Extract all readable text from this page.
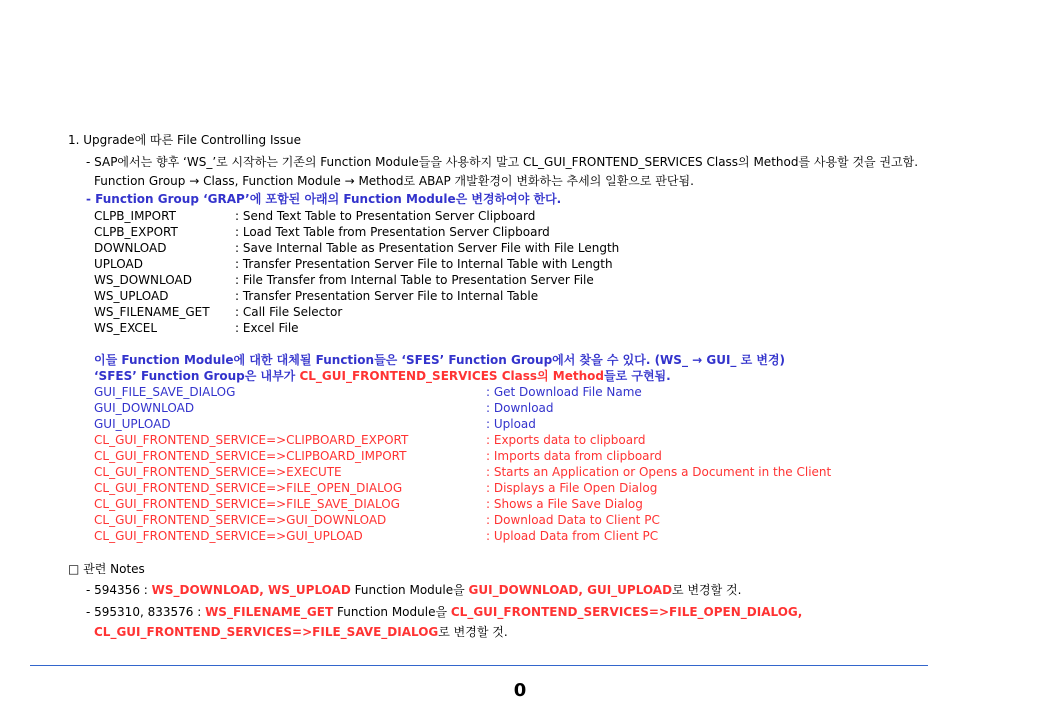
1. Upgrade에 따른 File Controlling Issue
- SAP에서는 향후 ‘WS_’로 시작하는 기존의 Function Module들을 사용하지 말고 CL_GUI_FRONTEND_SERVICES Class의 Method를 사용할 것을 권고함.
Function Group → Class, Function Module → Method로 ABAP 개발환경이 변화하는 추세의 일환으로 판단됨.
- Function Group ‘GRAP’에 포함된 아래의 Function Module은 변경하여야 한다.
CLPB_IMPORT	: Send Text Table to Presentation Server Clipboard
CLPB_EXPORT	: Load Text Table from Presentation Server Clipboard
DOWNLOAD	: Save Internal Table as Presentation Server File with File Length
UPLOAD	: Transfer Presentation Server File to Internal Table with Length
WS_DOWNLOAD	: File Transfer from Internal Table to Presentation Server File
WS_UPLOAD	: Transfer Presentation Server File to Internal Table
WS_FILENAME_GET : Call File Selector
WS_EXCEL	: Excel File
이들 Function Module에 대한 대체될 Function들은 ‘SFES’ Function Group에서 찾을 수 있다. (WS_ → GUI_ 로 변경)
‘SFES’ Function Group은 내부가 CL_GUI_FRONTEND_SERVICES Class의 Method들로 구현됨.
GUI_FILE_SAVE_DIALOG	: Get Download File Name
GUI_DOWNLOAD	: Download
GUI_UPLOAD	: Upload
CL_GUI_FRONTEND_SERVICE=>CLIPBOARD_EXPORT	: Exports data to clipboard
CL_GUI_FRONTEND_SERVICE=>CLIPBOARD_IMPORT	: Imports data from clipboard
CL_GUI_FRONTEND_SERVICE=>EXECUTE	: Starts an Application or Opens a Document in the Client
CL_GUI_FRONTEND_SERVICE=>FILE_OPEN_DIALOG	: Displays a File Open Dialog
CL_GUI_FRONTEND_SERVICE=>FILE_SAVE_DIALOG	: Shows a File Save Dialog
CL_GUI_FRONTEND_SERVICE=>GUI_DOWNLOAD	: Download Data to Client PC
CL_GUI_FRONTEND_SERVICE=>GUI_UPLOAD	: Upload Data from Client PC
□ 관련 Notes
- 594356 : WS_DOWNLOAD, WS_UPLOAD Function Module을 GUI_DOWNLOAD, GUI_UPLOAD로 변경할 것.
- 595310, 833576 : WS_FILENAME_GET Function Module을 CL_GUI_FRONTEND_SERVICES=>FILE_OPEN_DIALOG,
CL_GUI_FRONTEND_SERVICES=>FILE_SAVE_DIALOG로 변경할 것.
0
